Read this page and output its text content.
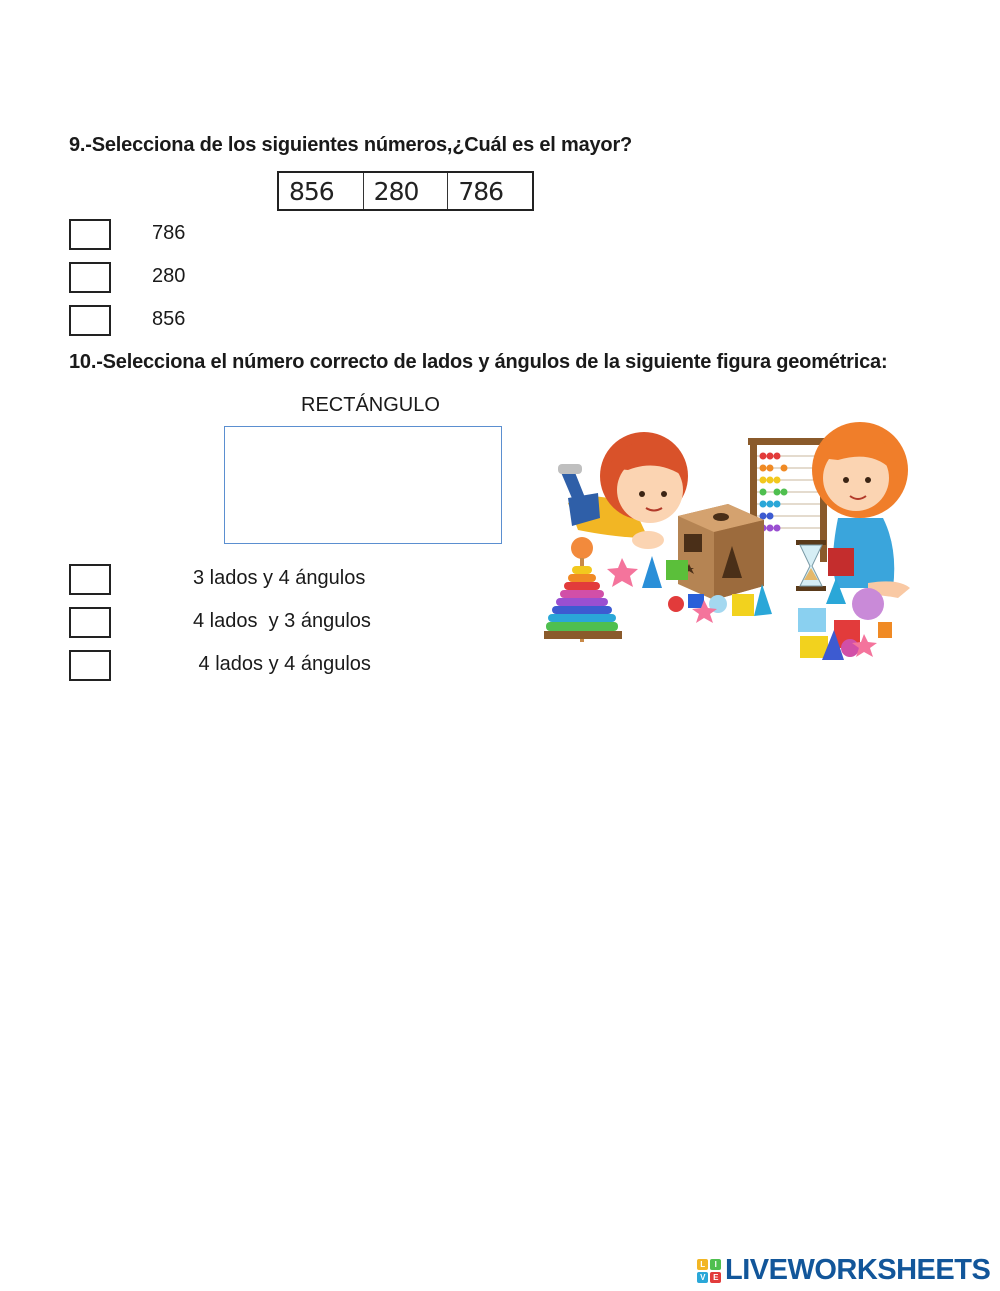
9.-Selecciona de los siguientes números,¿Cuál es el mayor?
856	280	786
786
280
856
10.-Selecciona el número correcto de lados y ángulos de la siguiente figura geométrica:
RECTÁNGULO
3 lados y 4 ángulos
4 lados  y 3 ángulos
4 lados y 4 ángulos
L	I
V	E LIVEWORKSHEETS
